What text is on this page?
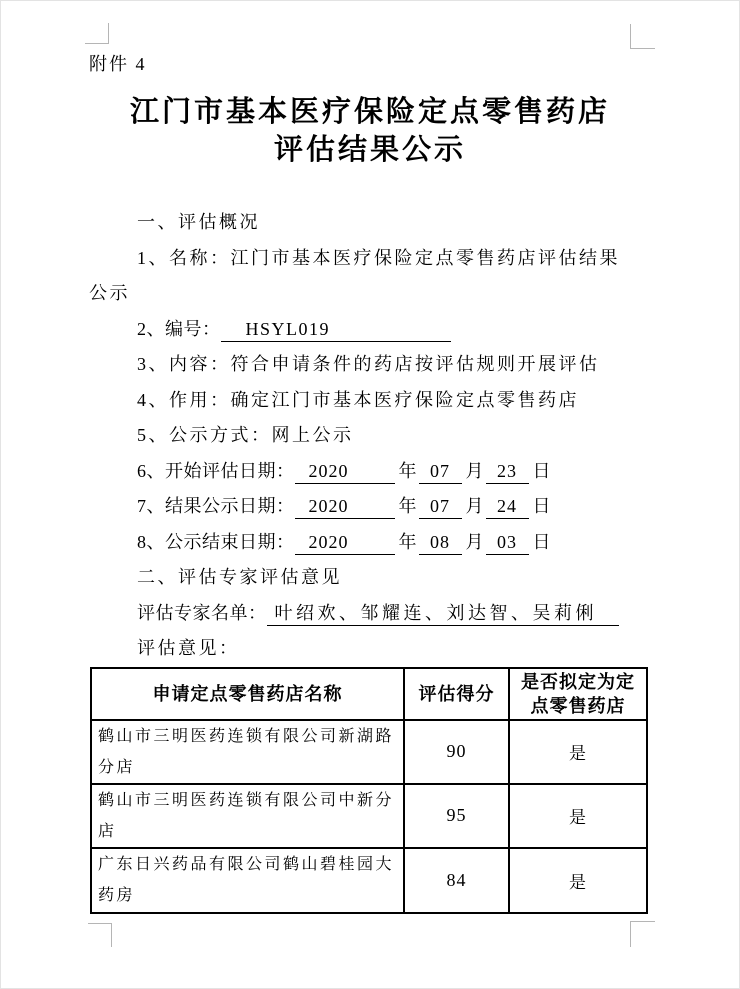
附件 4

江门市基本医疗保险定点零售药店
评估结果公示

一、评估概况

1、名称：江门市基本医疗保险定点零售药店评估结果
公示

2、编号： HSYL019

3、内容：符合申请条件的药店按评估规则开展评估

4、作用：确定江门市基本医疗保险定点零售药店

5、公示方式：网上公示

6、开始评估日期： 2020	年 07 月 23 日

7、结果公示日期： 2020	年 07 月 24 日

8、公示结束日期： 2020	年 08 月 03 日

二、评估专家评估意见

评估专家名单： 叶绍欢、邹耀连、刘达智、吴莉俐

评估意见：

申请定点零售药店名称	评估得分	是否拟定为定点零售药店
鹤山市三明医药连锁有限公司新湖路分店	90	是
鹤山市三明医药连锁有限公司中新分店	95	是
广东日兴药品有限公司鹤山碧桂园大药房	84	是
